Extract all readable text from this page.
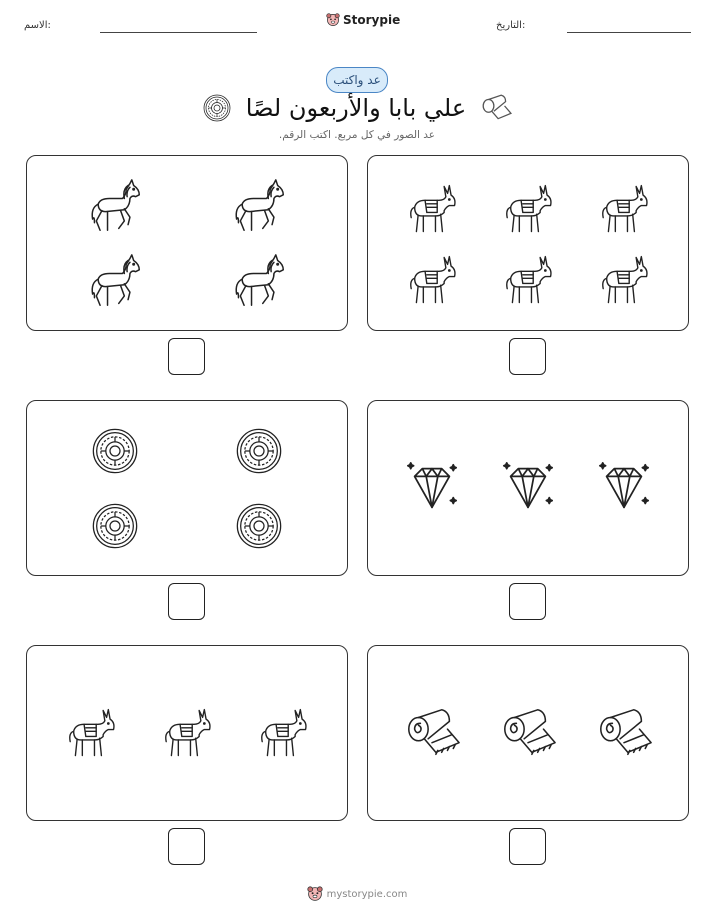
الاسم:	Storypie	التاريخ:
عد واكتب
علي بابا والأربعون لصًا
عد الصور في كل مربع. اكتب الرقم.
mystorypie.com
